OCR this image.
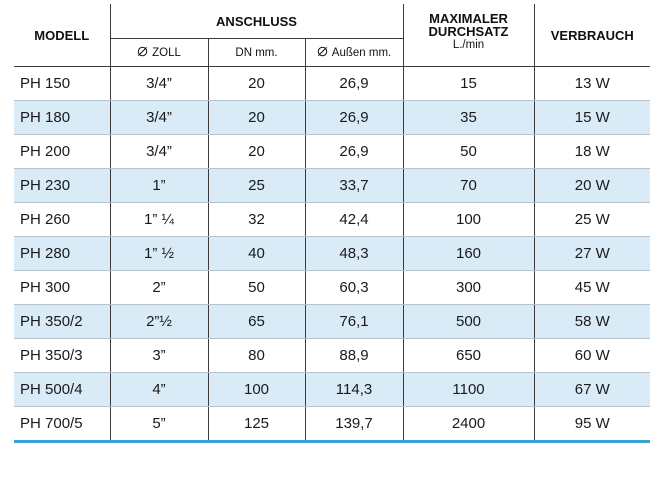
MODELL	ANSCHLUSS			MAXIMALER
DURCHSATZ
L./min	VERBRAUCH
	ZOLL	DN mm.	Außen mm.		
PH 150	3/4”	20	26,9	15	13 W
PH 180	3/4”	20	26,9	35	15 W
PH 200	3/4”	20	26,9	50	18 W
PH 230	1”	25	33,7	70	20 W
PH 260	1” ¼	32	42,4	100	25 W
PH 280	1” ½	40	48,3	160	27 W
PH 300	2”	50	60,3	300	45 W
PH 350/2	2”½	65	76,1	500	58 W
PH 350/3	3”	80	88,9	650	60 W
PH 500/4	4”	100	114,3	1100	67 W
PH 700/5	5”	125	139,7	2400	95 W
